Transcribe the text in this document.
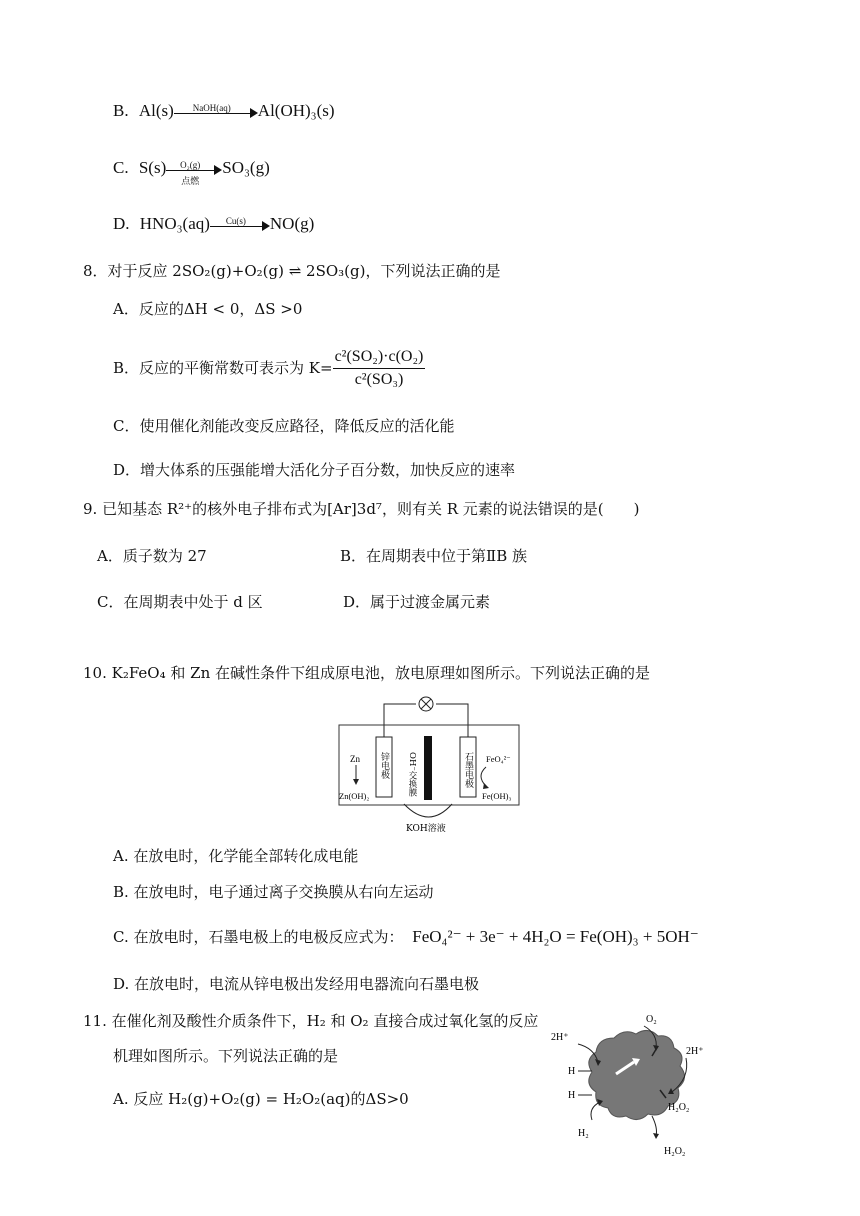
B. Al(s)	NaOH(aq)	Al(OH)₃(s)
C. S(s)	O₂(g)
点燃
SO₃(g)
D. HNO₃(aq)	Cu(s)	NO(g)
8．对于反应 2SO₂(g)+O₂(g) ⇌ 2SO₃(g)，下列说法正确的是
A．反应的ΔH < 0，ΔS >0
B．反应的平衡常数可表示为 $K= \frac{\text{c²(SO₂)·c(O₂)}}{\text{c²(SO₃)}}$
C．使用催化剂能改变反应路径，降低反应的活化能
D．增大体系的压强能增大活化分子百分数，加快反应的速率
9. 已知基态 R²⁺的核外电子排布式为[Ar]3d⁷，则有关 R 元素的说法错误的是(　　)
A．质子数为 27	B．在周期表中位于第ⅡB 族
C．在周期表中处于 d 区	D．属于过渡金属元素
10. K₂FeO₄ 和 Zn 在碱性条件下组成原电池，放电原理如图所示。下列说法正确的是
Zn
Zn(OH)₂
锌电极 OH⁻交换膜	石墨电极 FeO₄²⁻
Fe(OH)₃
KOH溶液
A. 在放电时，化学能全部转化成电能
B. 在放电时，电子通过离子交换膜从右向左运动
C. 在放电时，石墨电极上的电极反应式为： FeO₄²⁻ + 3e⁻ + 4H₂O = Fe(OH)₃ + 5OH⁻
D. 在放电时，电流从锌电极出发经用电器流向石墨电极
11. 在催化剂及酸性介质条件下，H₂ 和 O₂ 直接合成过氧化氢的反应
机理如图所示。下列说法正确的是
A. 反应 H₂(g)+O₂(g) = H₂O₂(aq)的ΔS>0
2H⁺
O₂
2H⁺
H
H
H₂O₂
H₂
H₂O₂
